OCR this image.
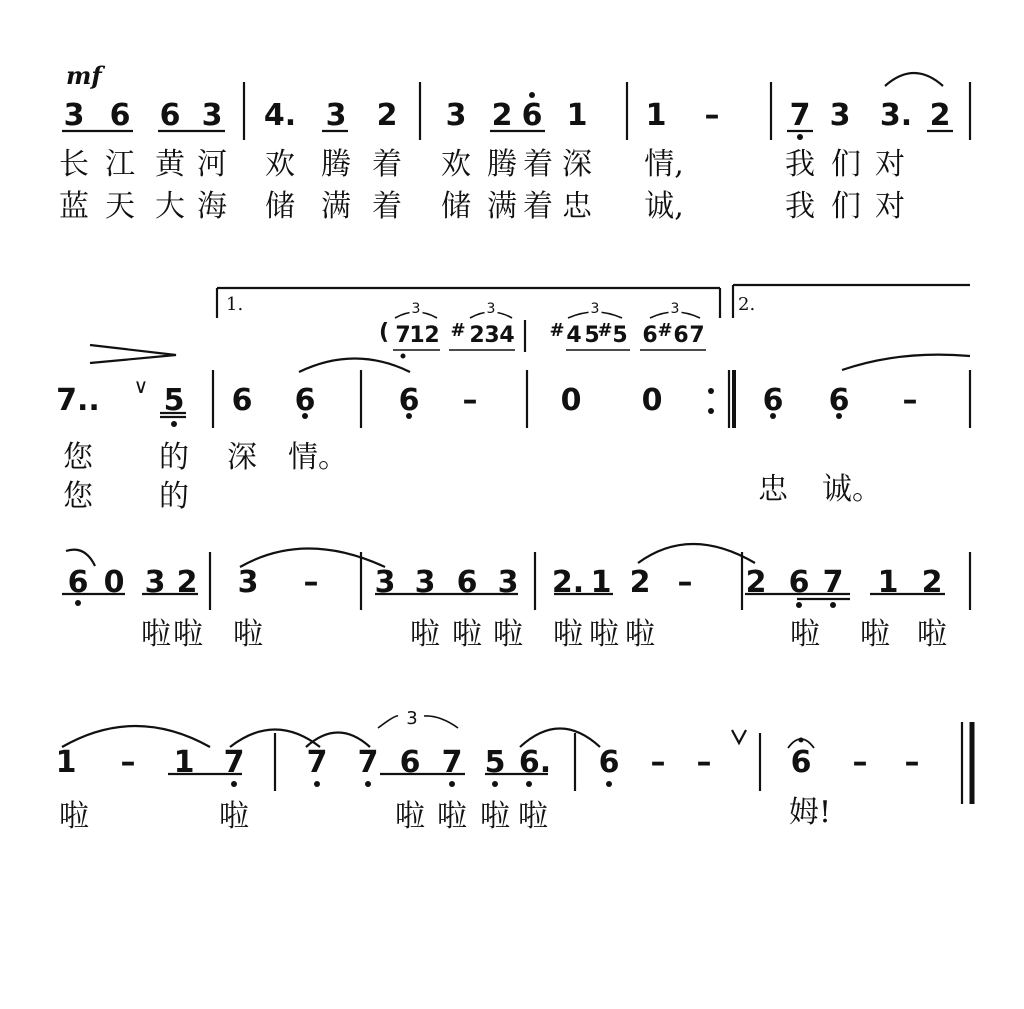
mf
3 6 6 3 4. 3 2 3 2 6 1 1 – 7 3 3. 2
长 江 黄 河 欢 腾 着 欢 腾 着 深 情,	我 们 对
蓝 天 大 海 储 满 着 储 满 着 忠 诚,	我 们 对
1.	2.
( 7
1 2 # 2 3 4 # 4 5
# 5 6 # 6 7
3	3	3	3
7.. ∨ 5 6 6	6 –	0 0	6 6 –
您 的 深 情。
您 的	忠 诚。
6 0 3 2 3 – 3 3 6 3 2. 1 2 – 2 6 7 1 2
啦 啦 啦	啦 啦 啦 啦 啦 啦	啦 啦 啦
1 – 1 7 7 7 6 7 5 6. 6 – –	6 – –
3
啦	啦	啦 啦 啦 啦	姆!
